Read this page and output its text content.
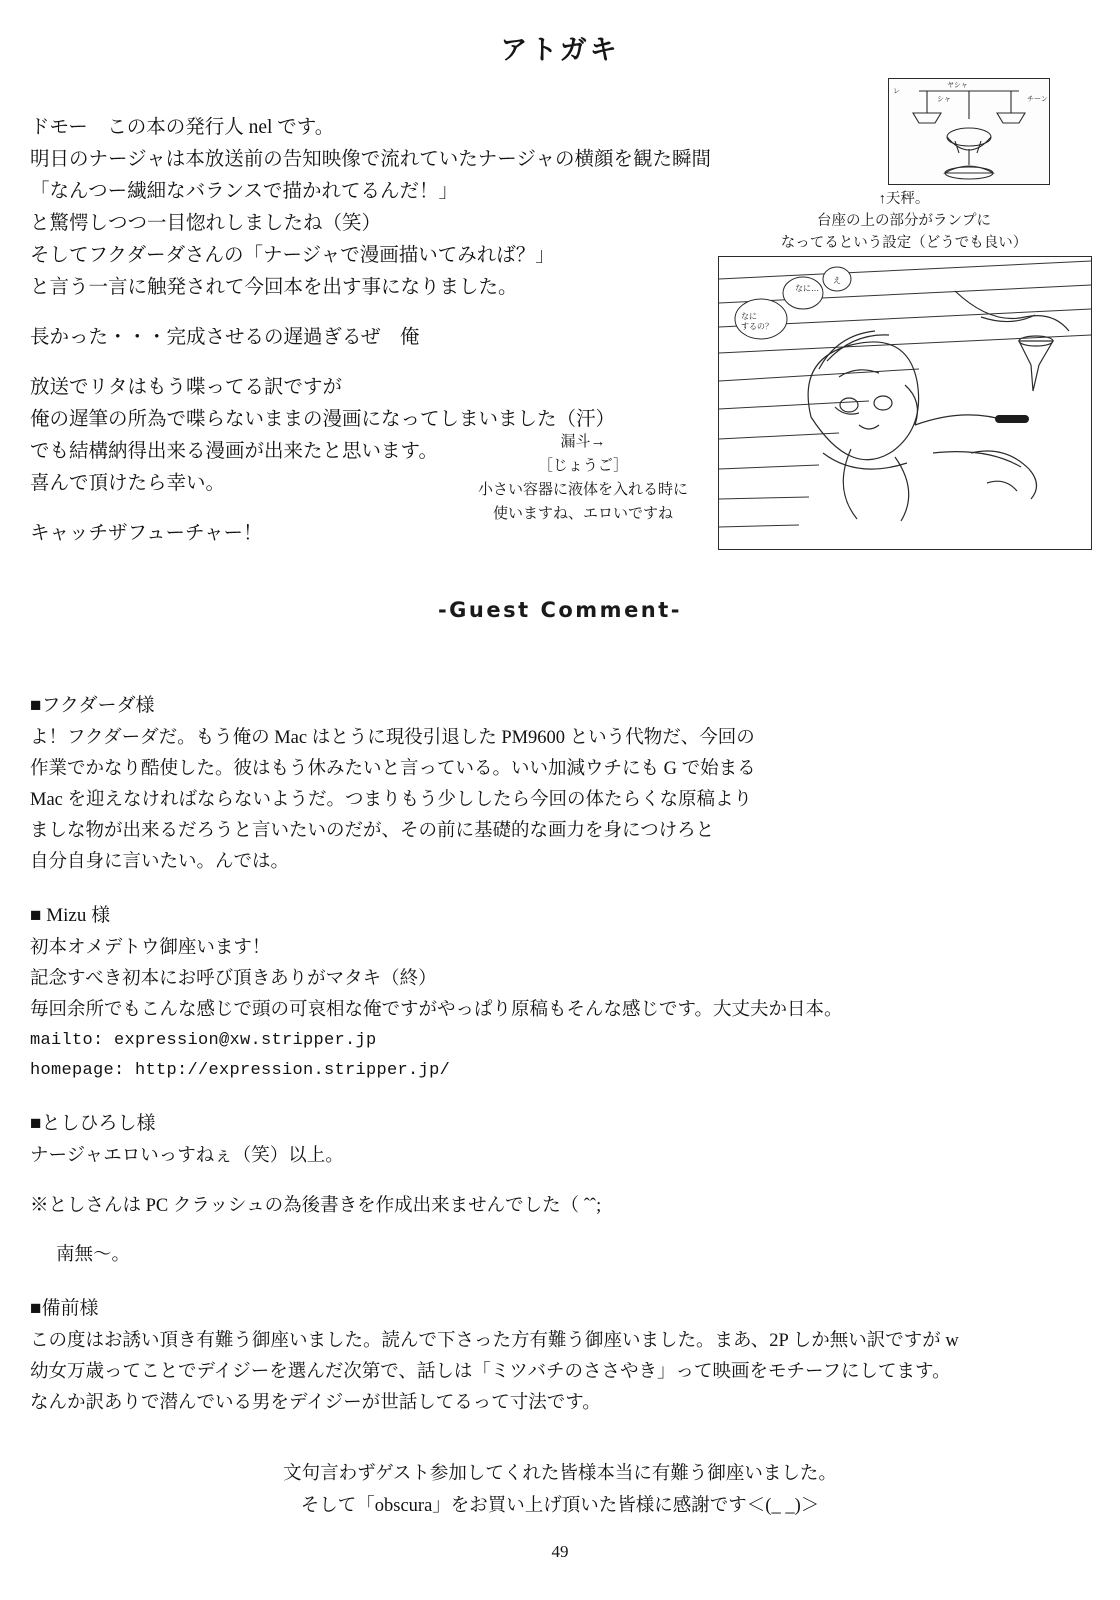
アトガキ

ドモー　この本の発行人 nel です。

明日のナージャは本放送前の告知映像で流れていたナージャの横顔を観た瞬間

「なんつー繊細なバランスで描かれてるんだ！」

と驚愕しつつ一目惚れしましたね（笑）

そしてフクダーダさんの「ナージャで漫画描いてみれば？」

と言う一言に触発されて今回本を出す事になりました。

長かった・・・完成させるの遅過ぎるぜ　俺

放送でリタはもう喋ってる訳ですが

俺の遅筆の所為で喋らないままの漫画になってしまいました（汗）

でも結構納得出来る漫画が出来たと思います。

喜んで頂けたら幸い。

キャッチザフューチャー！

レ
ヤシャ
チーン
シャ
↑天秤。
台座の上の部分がランプに
なってるという設定（どうでも良い）
え
なに…
なに
するの？
漏斗→
［じょうご］
小さい容器に液体を入れる時に
使いますね、エロいですね
-Guest Comment-
■フクダーダ様

よ！フクダーダだ。もう俺の Mac はとうに現役引退した PM9600 という代物だ、今回の

作業でかなり酷使した。彼はもう休みたいと言っている。いい加減ウチにも G で始まる

Mac を迎えなければならないようだ。つまりもう少ししたら今回の体たらくな原稿より

ましな物が出来るだろうと言いたいのだが、その前に基礎的な画力を身につけろと

自分自身に言いたい。んでは。

■ Mizu 様

初本オメデトウ御座います！

記念すべき初本にお呼び頂きありがマタキ（終）

毎回余所でもこんな感じで頭の可哀相な俺ですがやっぱり原稿もそんな感じです。大丈夫か日本。

mailto: expression@xw.stripper.jp

homepage: http://expression.stripper.jp/

■としひろし様

ナージャエロいっすねぇ（笑）以上。

※としさんは PC クラッシュの為後書きを作成出来ませんでした（ ˆˆ;

南無〜。

■備前様

この度はお誘い頂き有難う御座いました。読んで下さった方有難う御座いました。まあ、2P しか無い訳ですが w

幼女万歳ってことでデイジーを選んだ次第で、話しは「ミツバチのささやき」って映画をモチーフにしてます。

なんか訳ありで潜んでいる男をデイジーが世話してるって寸法です。

文句言わずゲスト参加してくれた皆様本当に有難う御座いました。
そして「obscura」をお買い上げ頂いた皆様に感謝です＜(_ _)＞
49
